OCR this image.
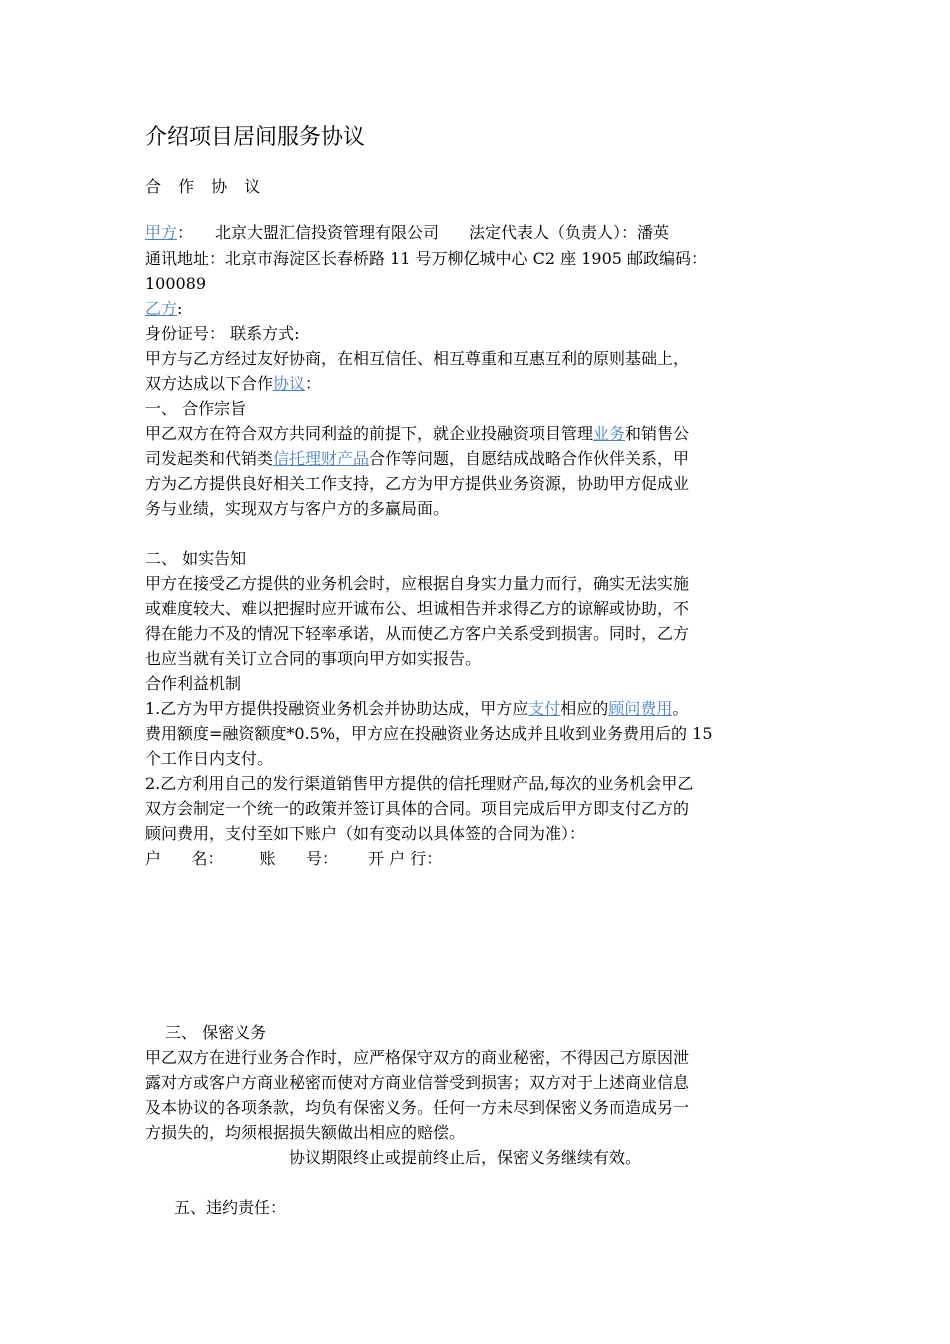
介绍项目居间服务协议
合 作 协 议
甲方： 北京大盟汇信投资管理有限公司 法定代表人（负责人）：潘英
通讯地址：北京市海淀区长春桥路 11 号万柳亿城中心 C2 座 1905 邮政编码：
100089
乙方:
身份证号： 联系方式:
甲方与乙方经过友好协商，在相互信任、相互尊重和互惠互利的原则基础上，
双方达成以下合作协议：
一、 合作宗旨
甲乙双方在符合双方共同利益的前提下，就企业投融资项目管理业务和销售公
司发起类和代销类信托理财产品合作等问题，自愿结成战略合作伙伴关系，甲
方为乙方提供良好相关工作支持，乙方为甲方提供业务资源，协助甲方促成业
务与业绩，实现双方与客户方的多赢局面。
二、 如实告知
甲方在接受乙方提供的业务机会时，应根据自身实力量力而行，确实无法实施
或难度较大、难以把握时应开诚布公、坦诚相告并求得乙方的谅解或协助，不
得在能力不及的情况下轻率承诺，从而使乙方客户关系受到损害。同时，乙方
也应当就有关订立合同的事项向甲方如实报告。
合作利益机制
1.乙方为甲方提供投融资业务机会并协助达成，甲方应支付相应的顾问费用。
费用额度=融资额度*0.5%，甲方应在投融资业务达成并且收到业务费用后的 15
个工作日内支付。
2.乙方利用自己的发行渠道销售甲方提供的信托理财产品,每次的业务机会甲乙
双方会制定一个统一的政策并签订具体的合同。项目完成后甲方即支付乙方的
顾问费用，支付至如下账户（如有变动以具体签的合同为准）：
户      名： 账      号： 开 户 行：
三、 保密义务
甲乙双方在进行业务合作时，应严格保守双方的商业秘密，不得因己方原因泄
露对方或客户方商业秘密而使对方商业信誉受到损害；双方对于上述商业信息
及本协议的各项条款，均负有保密义务。任何一方未尽到保密义务而造成另一
方损失的，均须根据损失额做出相应的赔偿。
协议期限终止或提前终止后，保密义务继续有效。
五、违约责任：
